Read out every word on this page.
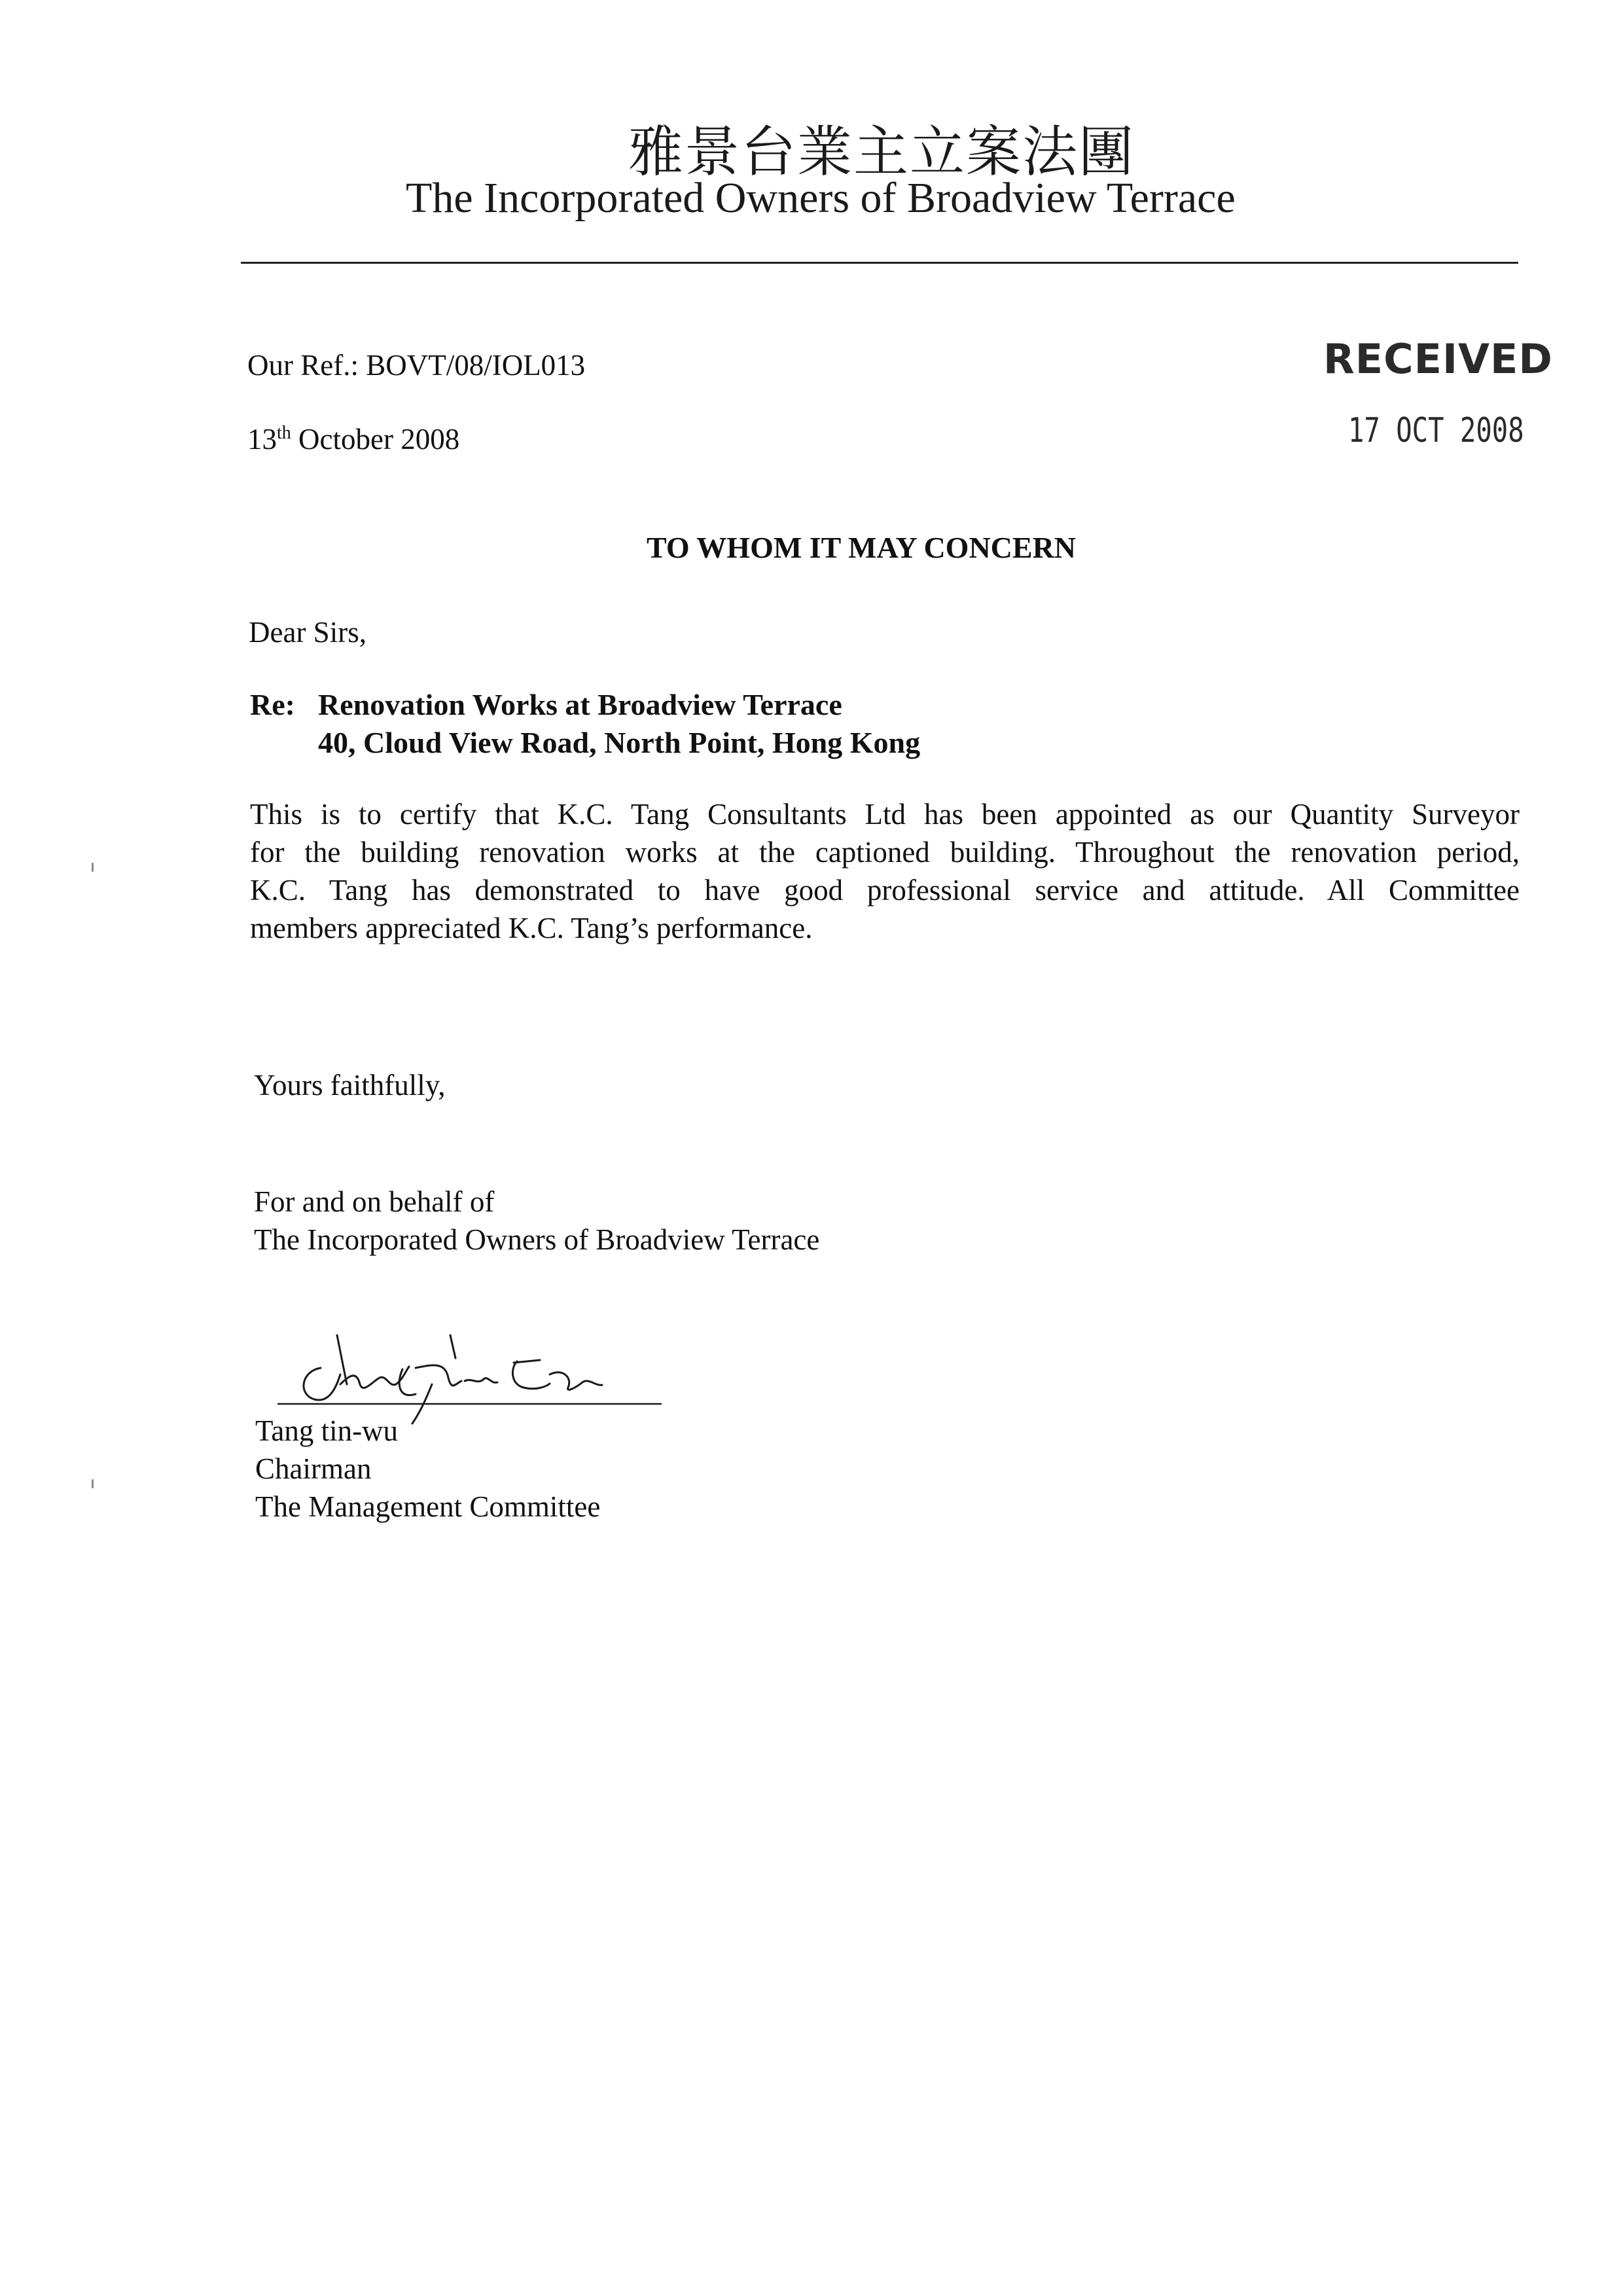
雅景台業主立案法團
The Incorporated Owners of Broadview Terrace
Our Ref.: BOVT/08/IOL013
13th October 2008
RECEIVED
17 OCT 2008
TO WHOM IT MAY CONCERN
Dear Sirs,
Re: Renovation Works at Broadview Terrace
40, Cloud View Road, North Point, Hong Kong
This is to certify that K.C. Tang Consultants Ltd has been appointed as our Quantity Surveyor
for the building renovation works at the captioned building. Throughout the renovation period,
K.C. Tang has demonstrated to have good professional service and attitude. All Committee
members appreciated K.C. Tang’s performance.
Yours faithfully,
For and on behalf of
The Incorporated Owners of Broadview Terrace
Tang tin-wu
Chairman
The Management Committee
